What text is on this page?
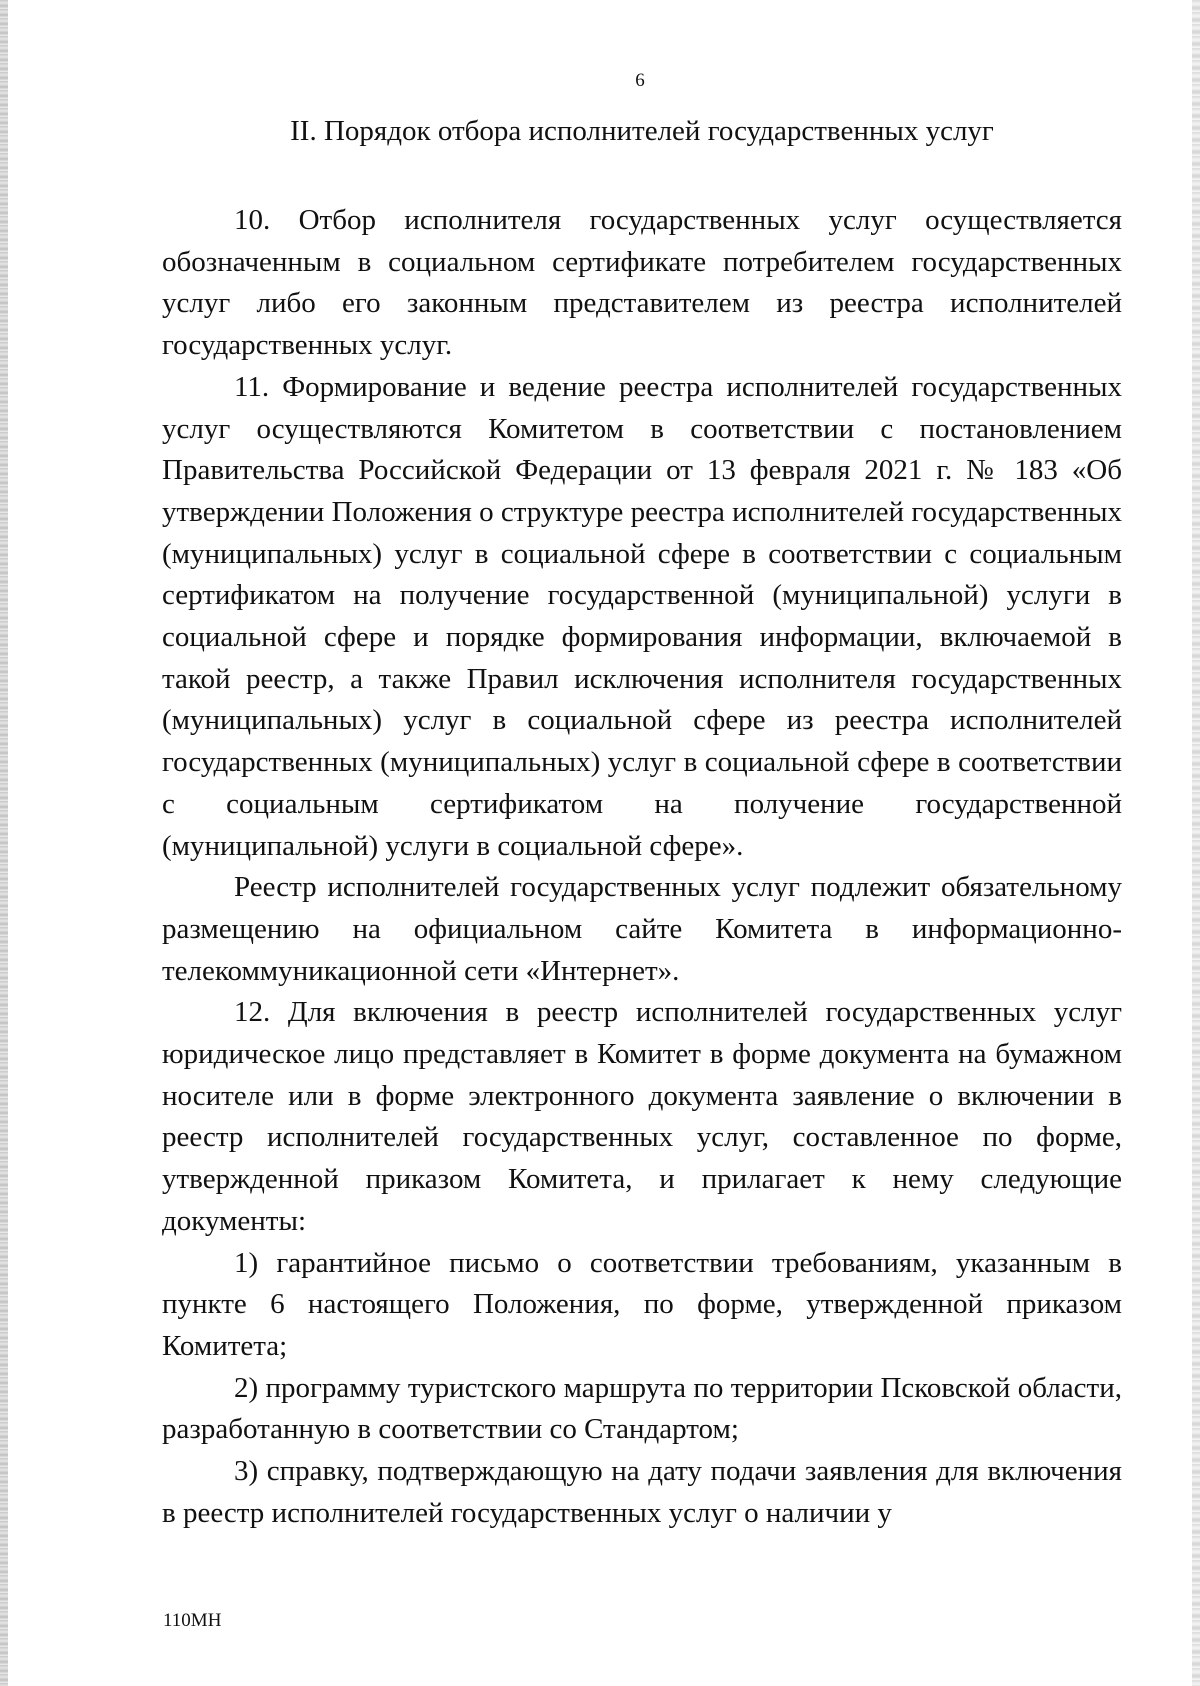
6
II. Порядок отбора исполнителей государственных услуг

10. Отбор исполнителя государственных услуг осуществляется обозначенным в социальном сертификате потребителем государственных услуг либо его законным представителем из реестра исполнителей государственных услуг.

11. Формирование и ведение реестра исполнителей государственных услуг осуществляются Комитетом в соответствии с постановлением Правительства Российской Федерации от 13 февраля 2021 г. № 183 «Об утверждении Положения о структуре реестра исполнителей государственных (муниципальных) услуг в социальной сфере в соответствии с социальным сертификатом на получение государственной (муниципальной) услуги в социальной сфере и порядке формирования информации, включаемой в такой реестр, а также Правил исключения исполнителя государственных (муниципальных) услуг в социальной сфере из реестра исполнителей государственных (муниципальных) услуг в социальной сфере в соответствии с социальным сертификатом на получение государственной (муниципальной) услуги в социальной сфере».

Реестр исполнителей государственных услуг подлежит обязательному размещению на официальном сайте Комитета в информационно-телекоммуникационной сети «Интернет».

12. Для включения в реестр исполнителей государственных услуг юридическое лицо представляет в Комитет в форме документа на бумажном носителе или в форме электронного документа заявление о включении в реестр исполнителей государственных услуг, составленное по форме, утвержденной приказом Комитета, и прилагает к нему следующие документы:

1) гарантийное письмо о соответствии требованиям, указанным в пункте 6 настоящего Положения, по форме, утвержденной приказом Комитета;

2) программу туристского маршрута по территории Псковской области, разработанную в соответствии со Стандартом;

3) справку, подтверждающую на дату подачи заявления для включения в реестр исполнителей государственных услуг о наличии у

110МН
